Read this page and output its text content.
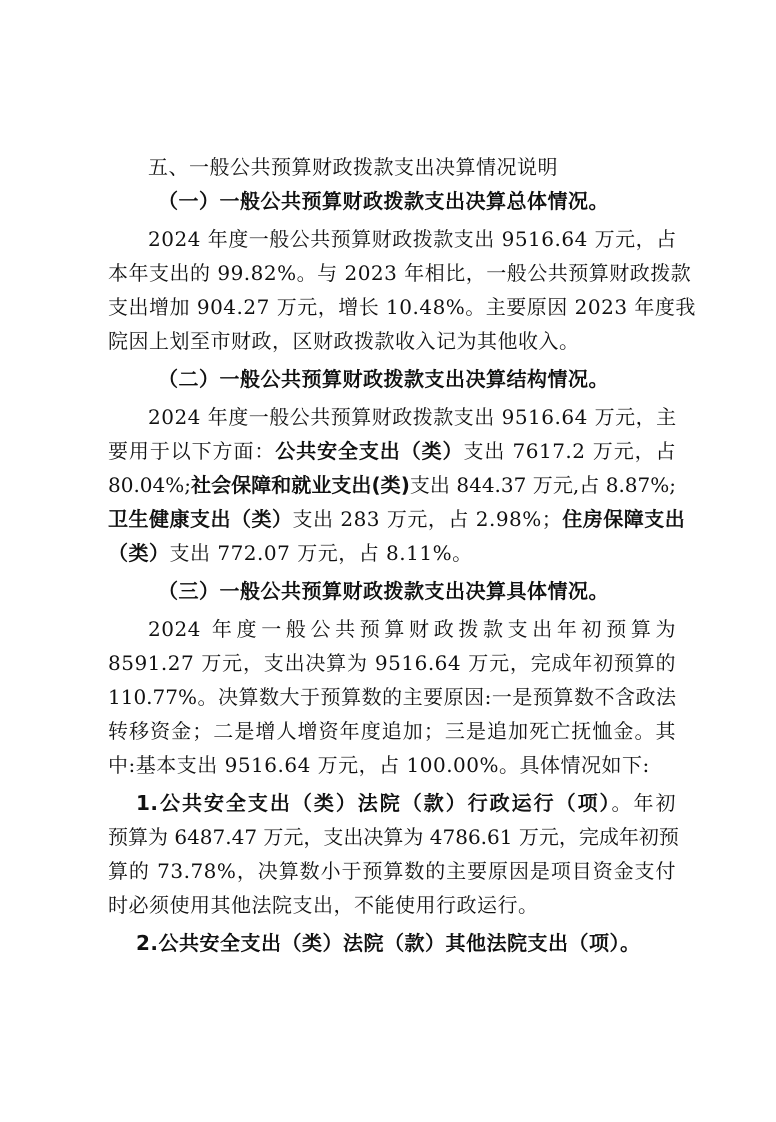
五、一般公共预算财政拨款支出决算情况说明
（一）一般公共预算财政拨款支出决算总体情况。
2024 年度一般公共预算财政拨款支出 9516.64 万元，占
本年支出的 99.82%。与 2023 年相比，一般公共预算财政拨款
支出增加 904.27 万元，增长 10.48%。主要原因 2023 年度我
院因上划至市财政，区财政拨款收入记为其他收入。
（二）一般公共预算财政拨款支出决算结构情况。
2024 年度一般公共预算财政拨款支出 9516.64 万元，主
要用于以下方面：公共安全支出（类）支出 7617.2 万元，占
80.04%;社会保障和就业支出(类)支出 844.37 万元,占 8.87%;
卫生健康支出（类）支出 283 万元，占 2.98%；住房保障支出
（类）支出 772.07 万元，占 8.11%。
（三）一般公共预算财政拨款支出决算具体情况。
2024 年度一般公共预算财政拨款支出年初预算为
8591.27 万元，支出决算为 9516.64 万元，完成年初预算的
110.77%。决算数大于预算数的主要原因:一是预算数不含政法
转移资金；二是增人增资年度追加；三是追加死亡抚恤金。其
中:基本支出 9516.64 万元，占 100.00%。具体情况如下:
1.公共安全支出（类）法院（款）行政运行（项）。年初
预算为 6487.47 万元，支出决算为 4786.61 万元，完成年初预
算的 73.78%，决算数小于预算数的主要原因是项目资金支付
时必须使用其他法院支出，不能使用行政运行。
2.公共安全支出（类）法院（款）其他法院支出（项）。
